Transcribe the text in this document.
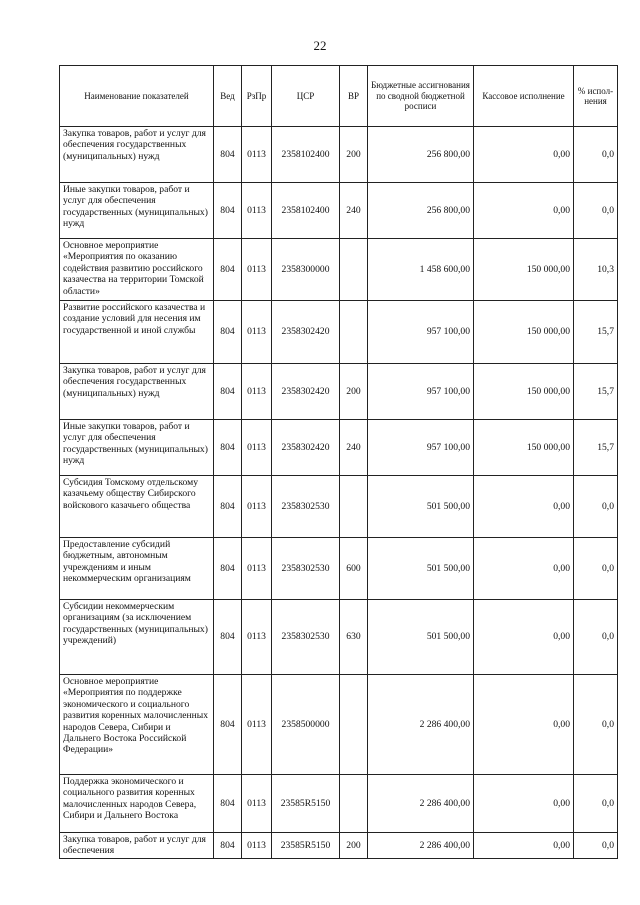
22
Наименование показателей	Вед	РзПр	ЦСР	ВР	Бюджетные ассигнования по сводной бюджетной росписи	Кассовое исполнение	% испол-нения
Закупка товаров, работ и услуг для обеспечения государственных (муниципальных) нужд	804	0113	2358102400	200	256 800,00	0,00	0,0
Иные закупки товаров, работ и услуг для обеспечения государственных (муниципальных) нужд	804	0113	2358102400	240	256 800,00	0,00	0,0
Основное мероприятие «Мероприятия по оказанию содействия развитию российского казачества на территории Томской области»	804	0113	2358300000		1 458 600,00	150 000,00	10,3
Развитие российского казачества и создание условий для несения им государственной и иной службы	804	0113	2358302420		957 100,00	150 000,00	15,7
Закупка товаров, работ и услуг для обеспечения государственных (муниципальных) нужд	804	0113	2358302420	200	957 100,00	150 000,00	15,7
Иные закупки товаров, работ и услуг для обеспечения государственных (муниципальных) нужд	804	0113	2358302420	240	957 100,00	150 000,00	15,7
Субсидия Томскому отдельскому казачьему обществу Сибирского войскового казачьего общества	804	0113	2358302530		501 500,00	0,00	0,0
Предоставление субсидий бюджетным, автономным учреждениям и иным некоммерческим организациям	804	0113	2358302530	600	501 500,00	0,00	0,0
Субсидии некоммерческим организациям (за исключением государственных (муниципальных) учреждений)	804	0113	2358302530	630	501 500,00	0,00	0,0
Основное мероприятие «Мероприятия по поддержке экономического и социального развития коренных малочисленных народов Севера, Сибири и Дальнего Востока Российской Федерации»	804	0113	2358500000		2 286 400,00	0,00	0,0
Поддержка экономического и социального развития коренных малочисленных народов Севера, Сибири и Дальнего Востока	804	0113	23585R5150		2 286 400,00	0,00	0,0
Закупка товаров, работ и услуг для обеспечения	804	0113	23585R5150	200	2 286 400,00	0,00	0,0
